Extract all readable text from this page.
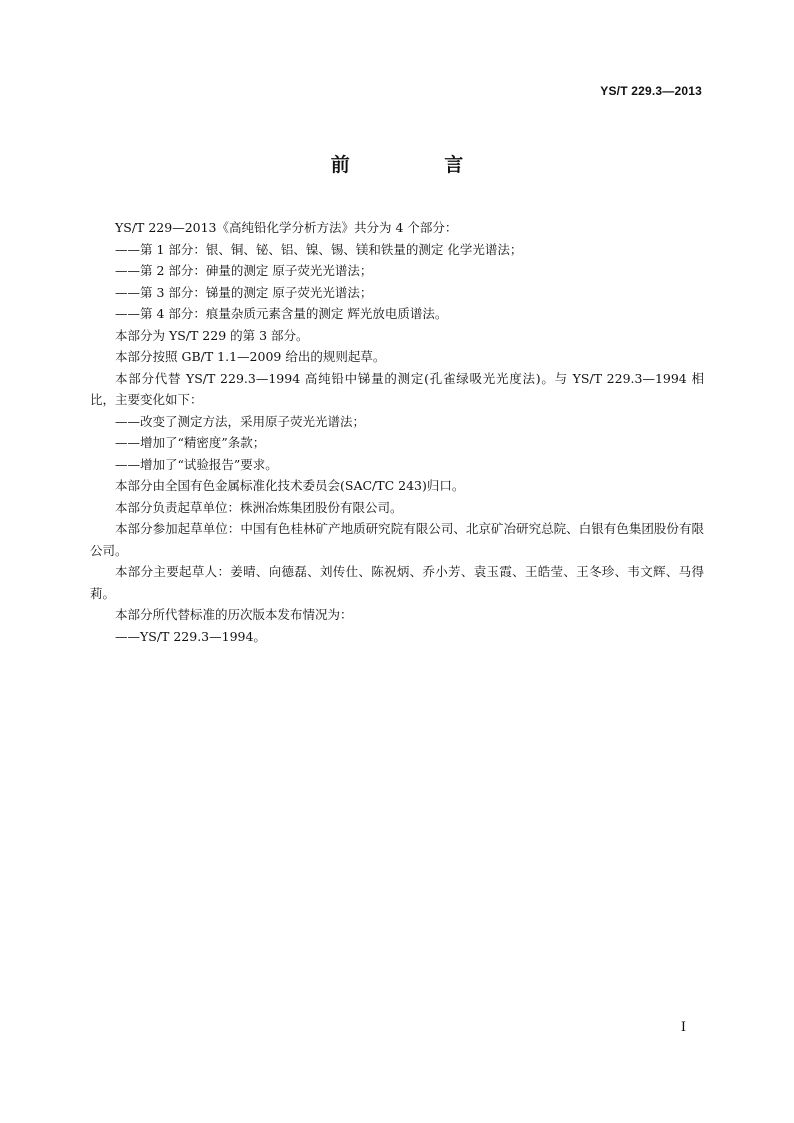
YS/T 229.3—2013
前 言

YS/T 229—2013《高纯铅化学分析方法》共分为 4 个部分：

——第 1 部分：银、铜、铋、铝、镍、锡、镁和铁量的测定 化学光谱法；

——第 2 部分：砷量的测定 原子荧光光谱法；

——第 3 部分：锑量的测定 原子荧光光谱法；

——第 4 部分：痕量杂质元素含量的测定 辉光放电质谱法。

本部分为 YS/T 229 的第 3 部分。

本部分按照 GB/T 1.1—2009 给出的规则起草。

本部分代替 YS/T 229.3—1994 高纯铅中锑量的测定(孔雀绿吸光光度法)。与 YS/T 229.3—1994 相比，主要变化如下：

——改变了测定方法，采用原子荧光光谱法；

——增加了“精密度”条款；

——增加了“试验报告”要求。

本部分由全国有色金属标准化技术委员会(SAC/TC 243)归口。

本部分负责起草单位：株洲冶炼集团股份有限公司。

本部分参加起草单位：中国有色桂林矿产地质研究院有限公司、北京矿冶研究总院、白银有色集团股份有限公司。

本部分主要起草人：姜晴、向德磊、刘传仕、陈祝炳、乔小芳、袁玉霞、王皓莹、王冬珍、韦文辉、马得莉。

本部分所代替标准的历次版本发布情况为：

——YS/T 229.3—1994。

I
